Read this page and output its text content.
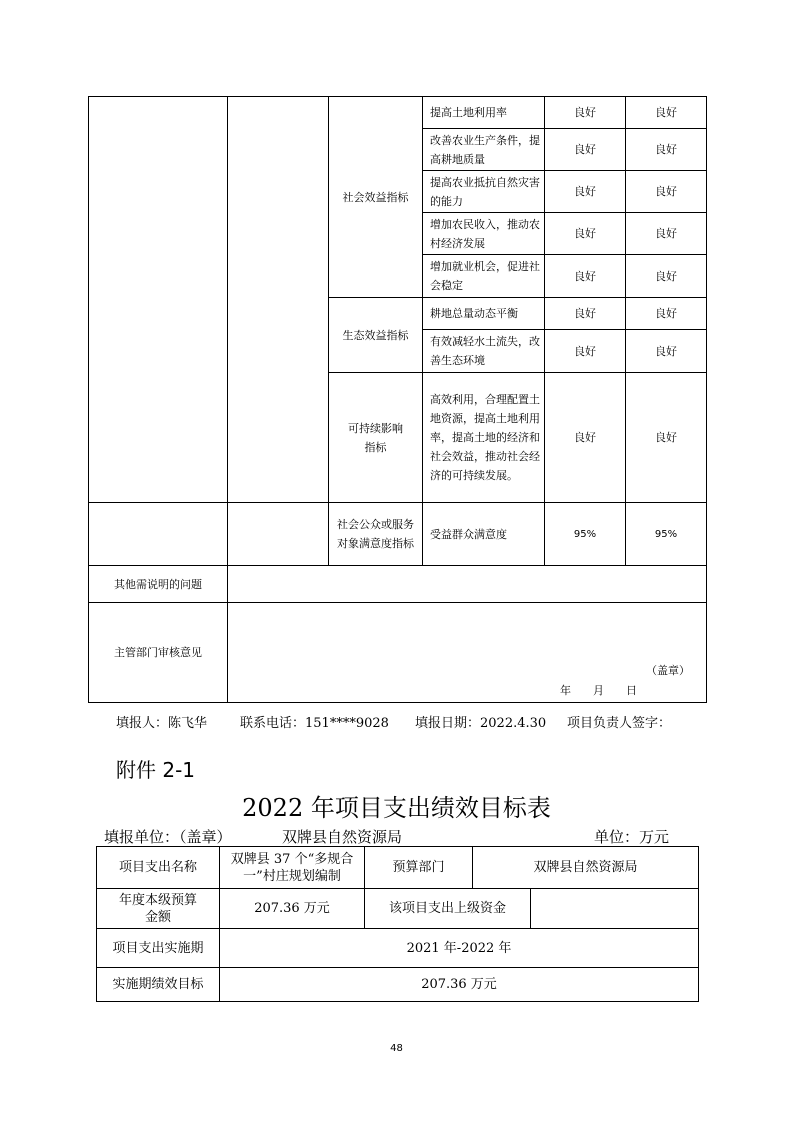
		社会效益指标	提高土地利用率	良好	良好
			改善农业生产条件，提高耕地质量	良好	良好
			提高农业抵抗自然灾害的能力	良好	良好
			增加农民收入，推动农村经济发展	良好	良好
			增加就业机会，促进社会稳定	良好	良好
		生态效益指标	耕地总量动态平衡	良好	良好
			有效减轻水土流失，改善生态环境	良好	良好
		可持续影响指标	高效利用，合理配置土地资源，提高土地利用率，提高土地的经济和社会效益，推动社会经济的可持续发展。	良好	良好
		社会公众或服务对象满意度指标	受益群众满意度	95%	95%
其他需说明的问题					
主管部门审核意见	（盖章）
年　　月　　日				
填报人：陈飞华	联系电话：151****9028 填报日期：2022.4.30 项目负责人签字：
附件 2-1
2022 年项目支出绩效目标表
填报单位：（盖章）	双牌县自然资源局	单位：万元
项目支出名称	双牌县 37 个“多规合一”村庄规划编制	预算部门	双牌县自然资源局	
年度本级预算金额	207.36 万元	该项目支出上级资金		
项目支出实施期	2021 年-2022 年			
实施期绩效目标	207.36 万元			
48
